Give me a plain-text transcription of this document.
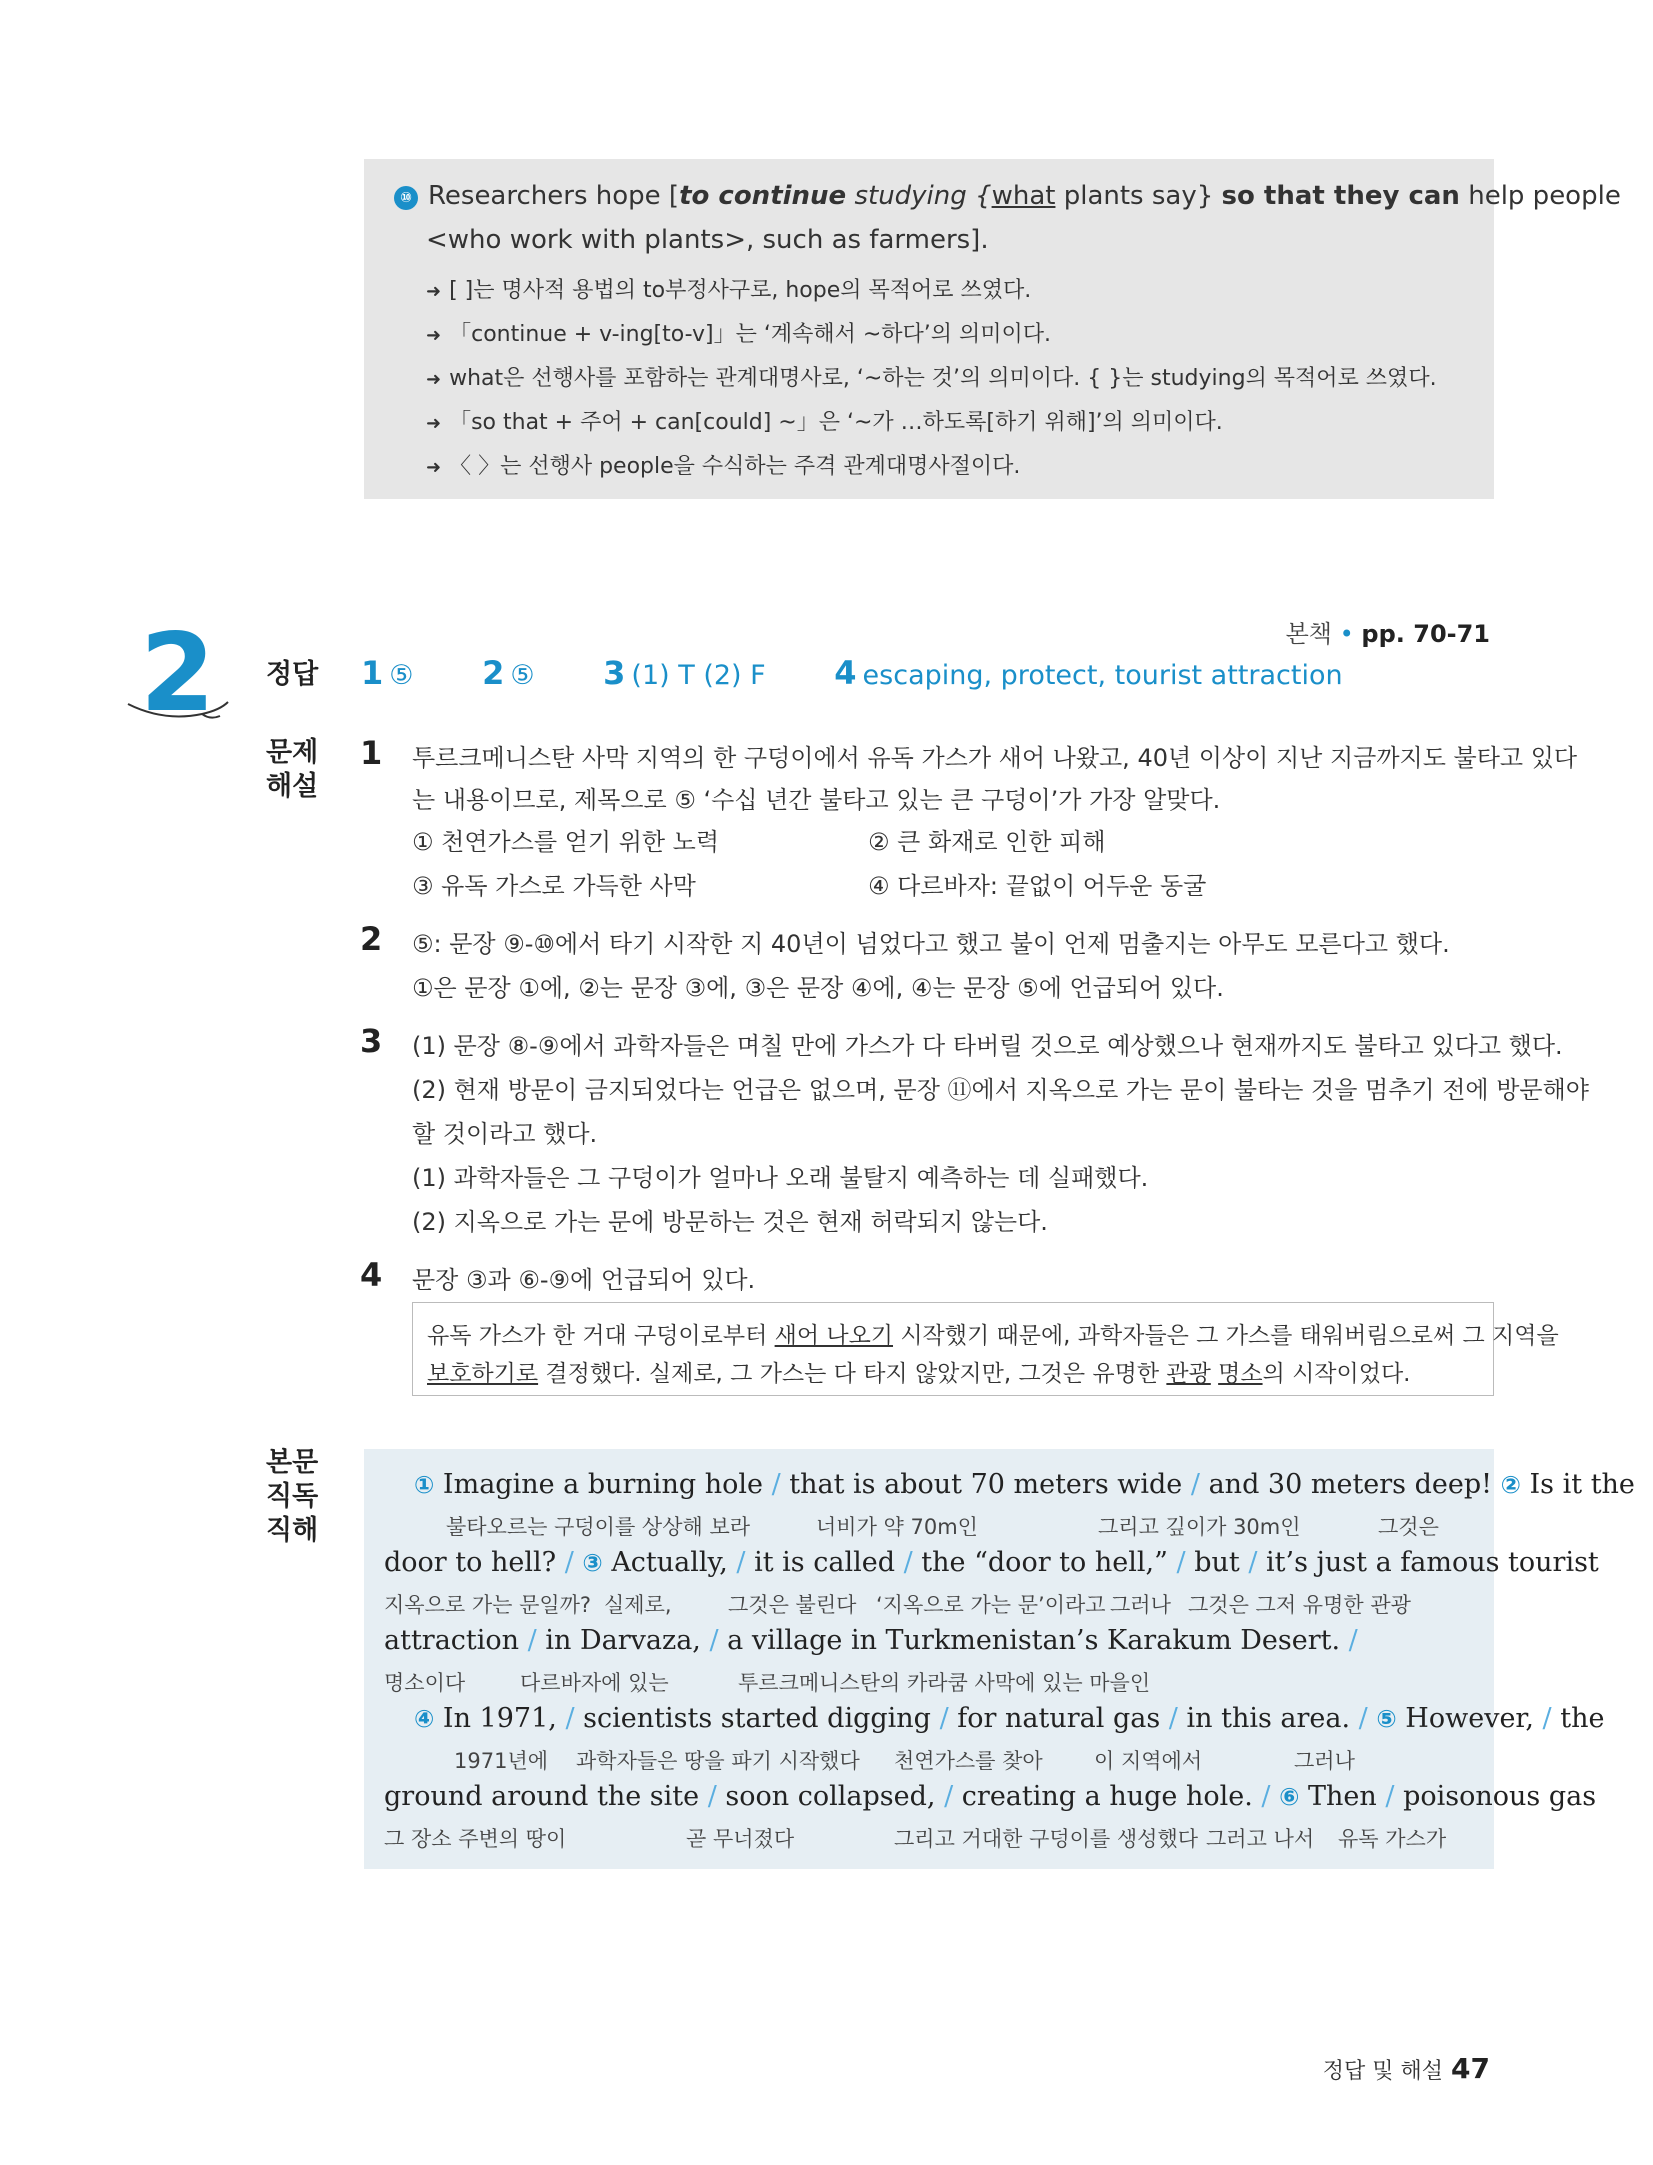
⑩ Researchers hope [to continue studying {what plants say} so that they can help people
<who work with plants>, such as farmers].
➜ [ ]는 명사적 용법의 to부정사구로, hope의 목적어로 쓰였다.
➜ 「continue + v-ing[to-v]」는 ‘계속해서 ~하다’의 의미이다.
➜ what은 선행사를 포함하는 관계대명사로, ‘~하는 것’의 의미이다. { }는 studying의 목적어로 쓰였다.
➜ 「so that + 주어 + can[could] ~」은 ‘~가 …하도록[하기 위해]’의 의미이다.
➜ 〈 〉는 선행사 people을 수식하는 주격 관계대명사절이다.
본책 • pp. 70-71
2 정답 1 ⑤ 2 ⑤ 3 (1) T (2) F 4 escaping, protect, tourist attraction
문제
해설
1 투르크메니스탄 사막 지역의 한 구덩이에서 유독 가스가 새어 나왔고, 40년 이상이 지난 지금까지도 불타고 있다
는 내용이므로, 제목으로 ⑤ ‘수십 년간 불타고 있는 큰 구덩이’가 가장 알맞다.
① 천연가스를 얻기 위한 노력	② 큰 화재로 인한 피해
③ 유독 가스로 가득한 사막	④ 다르바자: 끝없이 어두운 동굴
2 ⑤: 문장 ⑨-⑩에서 타기 시작한 지 40년이 넘었다고 했고 불이 언제 멈출지는 아무도 모른다고 했다.
①은 문장 ①에, ②는 문장 ③에, ③은 문장 ④에, ④는 문장 ⑤에 언급되어 있다.
3 (1) 문장 ⑧-⑨에서 과학자들은 며칠 만에 가스가 다 타버릴 것으로 예상했으나 현재까지도 불타고 있다고 했다.
(2) 현재 방문이 금지되었다는 언급은 없으며, 문장 ⑪에서 지옥으로 가는 문이 불타는 것을 멈추기 전에 방문해야
할 것이라고 했다.
(1) 과학자들은 그 구덩이가 얼마나 오래 불탈지 예측하는 데 실패했다.
(2) 지옥으로 가는 문에 방문하는 것은 현재 허락되지 않는다.
4 문장 ③과 ⑥-⑨에 언급되어 있다.
유독 가스가 한 거대 구덩이로부터 새어 나오기 시작했기 때문에, 과학자들은 그 가스를 태워버림으로써 그 지역을
보호하기로 결정했다. 실제로, 그 가스는 다 타지 않았지만, 그것은 유명한 관광 명소의 시작이었다.
본문
직독
직해
① Imagine a burning hole / that is about 70 meters wide / and 30 meters deep! ② Is it the
불타오르는 구덩이를 상상해 보라	너비가 약 70m인	그리고 깊이가 30m인	그것은
door to hell? / ③ Actually, / it is called / the “door to hell,” / but / it’s just a famous tourist
지옥으로 가는 문일까? 실제로,	그것은 불린다 ‘지옥으로 가는 문’이라고 그러나 그것은 그저 유명한 관광
attraction / in Darvaza, / a village in Turkmenistan’s Karakum Desert. /
명소이다	다르바자에 있는	투르크메니스탄의 카라쿰 사막에 있는 마을인
④ In 1971, / scientists started digging / for natural gas / in this area. / ⑤ However, / the
1971년에 과학자들은 땅을 파기 시작했다 천연가스를 찾아 이 지역에서	그러나
ground around the site / soon collapsed, / creating a huge hole. / ⑥ Then / poisonous gas
그 장소 주변의 땅이	곧 무너졌다	그리고 거대한 구덩이를 생성했다 그러고 나서 유독 가스가
정답 및 해설 47
